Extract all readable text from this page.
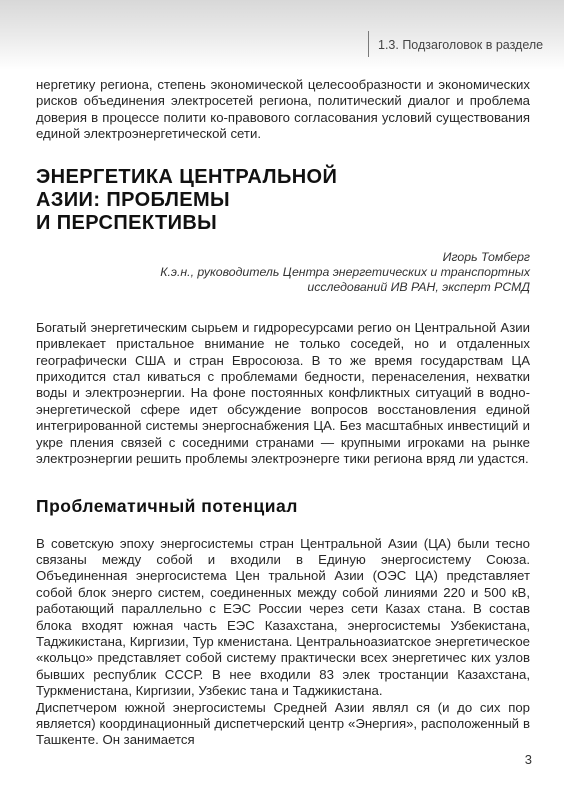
1.3. Подзаголовок в разделе

нергетику региона, степень экономической целесообразности и экономических рисков объединения электросетей региона, политический диалог и проблема доверия в процессе полити ко-правового согласования условий существования единой электроэнергетической сети.

ЭНЕРГЕТИКА ЦЕНТРАЛЬНОЙ
АЗИИ: ПРОБЛЕМЫ
И ПЕРСПЕКТИВЫ
Игорь Томберг
К.э.н., руководитель Центра энергетических и транспортных
исследований ИВ РАН, эксперт РСМД

Богатый энергетическим сырьем и гидроресурсами регио он Центральной Азии привлекает пристальное внимание не только соседей, но и отдаленных географически США и стран Евросоюза. В то же время государствам ЦА приходится стал киваться с проблемами бедности, перенаселения, нехватки воды и электроэнергии. На фоне постоянных конфликтных ситуаций в водно-энергетической сфере идет обсуждение вопросов восстановления единой интегрированной системы энергоснабжения ЦА. Без масштабных инвестиций и укре пления связей с соседними странами — крупными игроками на рынке электроэнергии решить проблемы электроэнерге тики региона вряд ли удастся.

Проблематичный потенциал

В советскую эпоху энергосистемы стран Центральной Азии (ЦА) были тесно связаны между собой и входили в Единую энергосистему Союза. Объединенная энергосистема Цен тральной Азии (ОЭС ЦА) представляет собой блок энерго систем, соединенных между собой линиями 220 и 500 кВ, работающий параллельно с ЕЭС России через сети Казах стана. В состав блока входят южная часть ЕЭС Казахстана, энергосистемы Узбекистана, Таджикистана, Киргизии, Тур кменистана. Центральноазиатское энергетическое «кольцо» представляет собой систему практически всех энергетичес ких узлов бывших республик СССР. В нее входили 83 элек тростанции Казахстана, Туркменистана, Киргизии, Узбекис тана и Таджикистана.

Диспетчером южной энергосистемы Средней Азии являл ся (и до сих пор является) координационный диспетчерский центр «Энергия», расположенный в Ташкенте. Он занимается

3
